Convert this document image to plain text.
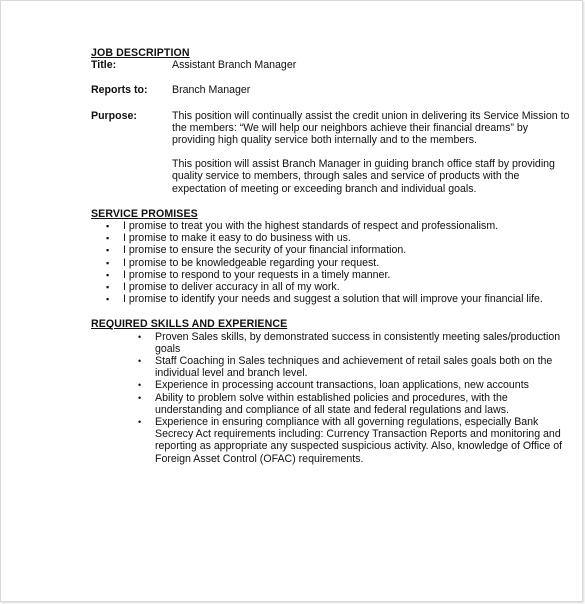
JOB DESCRIPTION
Title:	Assistant Branch Manager
Reports to:	Branch Manager
Purpose:	This position will continually assist the credit union in delivering its Service Mission to the members: “We will help our neighbors achieve their financial dreams” by providing high quality service both internally and to the members.

This position will assist Branch Manager in guiding branch office staff by providing quality service to members, through sales and service of products with the expectation of meeting or exceeding branch and individual goals.

SERVICE PROMISES
▪ I promise to treat you with the highest standards of respect and professionalism.
▪ I promise to make it easy to do business with us.
▪ I promise to ensure the security of your financial information.
▪ I promise to be knowledgeable regarding your request.
▪ I promise to respond to your requests in a timely manner.
▪ I promise to deliver accuracy in all of my work.
▪ I promise to identify your needs and suggest a solution that will improve your financial life.
REQUIRED SKILLS AND EXPERIENCE
• Proven Sales skills, by demonstrated success in consistently meeting sales/production goals
• Staff Coaching in Sales techniques and achievement of retail sales goals both on the individual level and branch level.
• Experience in processing account transactions, loan applications, new accounts
• Ability to problem solve within established policies and procedures, with the understanding and compliance of all state and federal regulations and laws.
• Experience in ensuring compliance with all governing regulations, especially Bank Secrecy Act requirements including: Currency Transaction Reports and monitoring and reporting as appropriate any suspected suspicious activity. Also, knowledge of Office of Foreign Asset Control (OFAC) requirements.
